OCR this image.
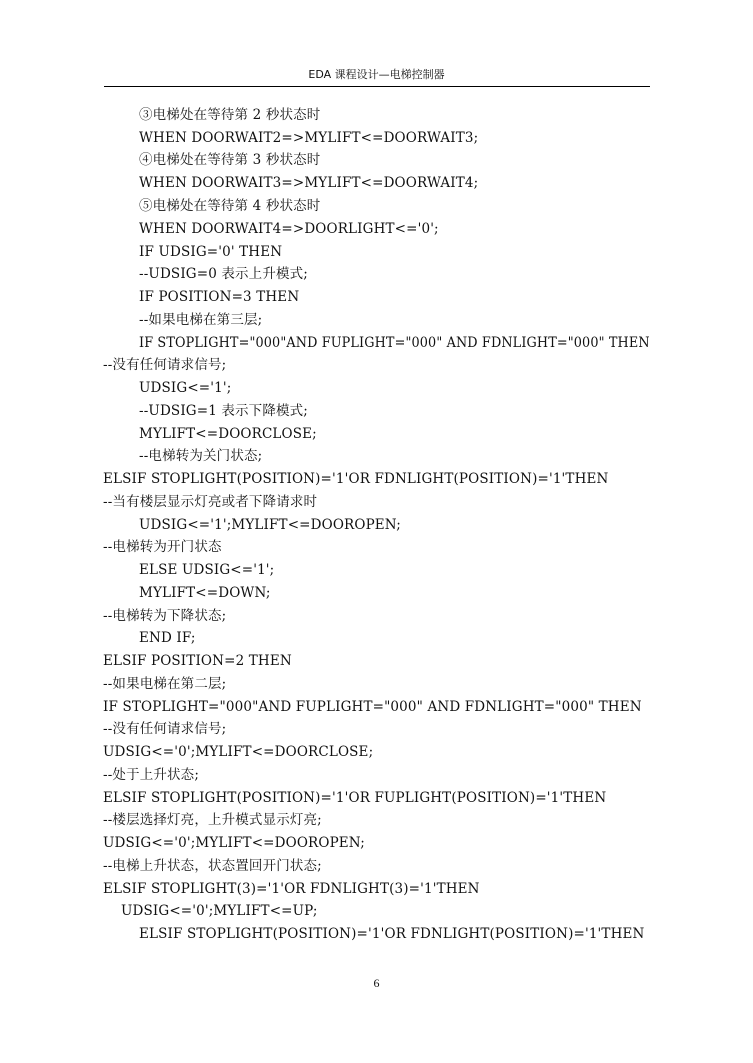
EDA 课程设计—电梯控制器
③电梯处在等待第 2 秒状态时
WHEN DOORWAIT2=>MYLIFT<=DOORWAIT3;
④电梯处在等待第 3 秒状态时
WHEN DOORWAIT3=>MYLIFT<=DOORWAIT4;
⑤电梯处在等待第 4 秒状态时
WHEN DOORWAIT4=>DOORLIGHT<='0';
IF UDSIG='0' THEN
--UDSIG=0 表示上升模式;
IF POSITION=3 THEN
--如果电梯在第三层;
IF STOPLIGHT="000"AND FUPLIGHT="000" AND FDNLIGHT="000" THEN
--没有任何请求信号;
UDSIG<='1';
--UDSIG=1 表示下降模式;
MYLIFT<=DOORCLOSE;
--电梯转为关门状态;
ELSIF STOPLIGHT(POSITION)='1'OR FDNLIGHT(POSITION)='1'THEN
--当有楼层显示灯亮或者下降请求时
UDSIG<='1';MYLIFT<=DOOROPEN;
--电梯转为开门状态
ELSE UDSIG<='1';
MYLIFT<=DOWN;
--电梯转为下降状态;
END IF;
ELSIF POSITION=2 THEN
--如果电梯在第二层;
IF STOPLIGHT="000"AND FUPLIGHT="000" AND FDNLIGHT="000" THEN
--没有任何请求信号;
UDSIG<='0';MYLIFT<=DOORCLOSE;
--处于上升状态;
ELSIF STOPLIGHT(POSITION)='1'OR FUPLIGHT(POSITION)='1'THEN
--楼层选择灯亮，上升模式显示灯亮;
UDSIG<='0';MYLIFT<=DOOROPEN;
--电梯上升状态，状态置回开门状态;
ELSIF STOPLIGHT(3)='1'OR FDNLIGHT(3)='1'THEN
UDSIG<='0';MYLIFT<=UP;
ELSIF STOPLIGHT(POSITION)='1'OR FDNLIGHT(POSITION)='1'THEN
6
